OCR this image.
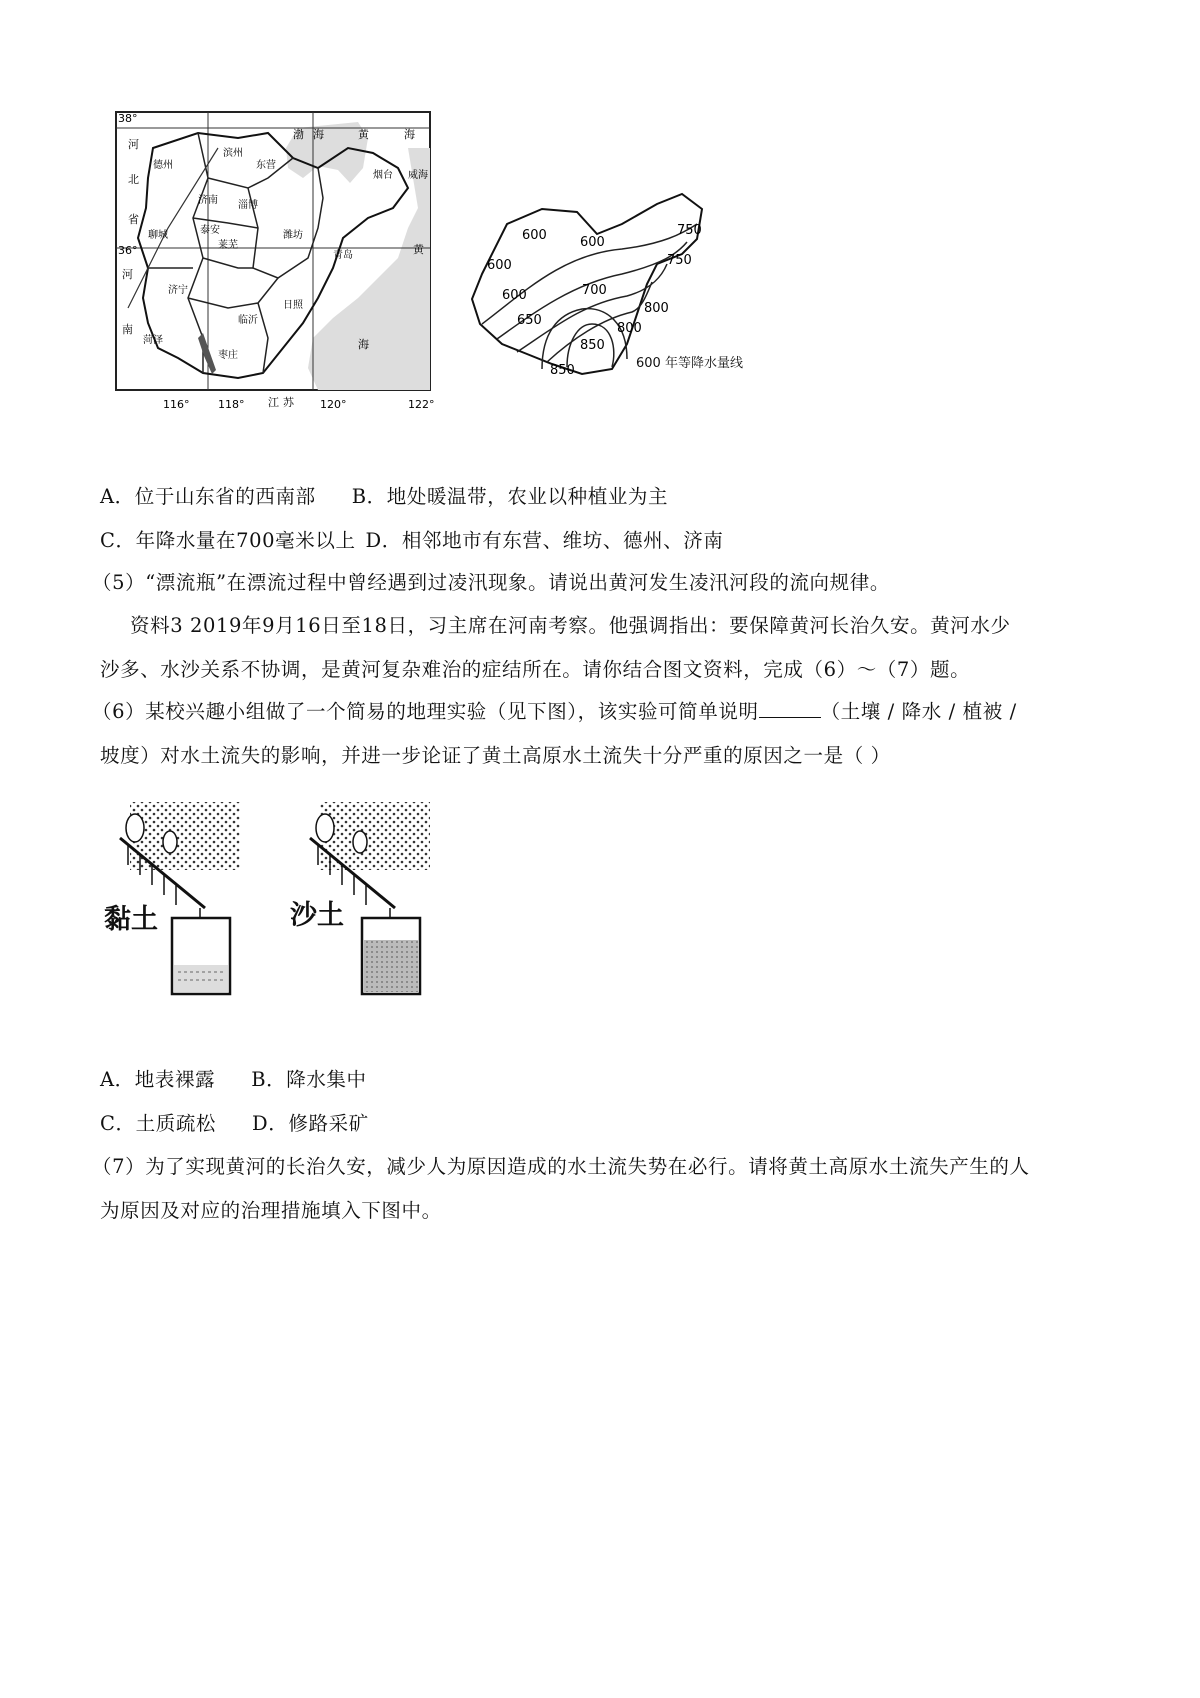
38°
36°
116°	118°	120°	122°
河
北
省
河
南
江 苏
渤 海	黄	海
黄
海
德州	东营
滨州
烟台 威海
聊城
济南 淄博
莱芜
泰安	潍坊
青岛
济宁
临沂
日照
菏泽
枣庄
600	600
600
600
650
700
750
750
800
850
850
800
600 年等降水量线
A．位于山东省的西南部 B．地处暖温带，农业以种植业为主
C．年降水量在700毫米以上 D．相邻地市有东营、维坊、德州、济南
（5）“漂流瓶”在漂流过程中曾经遇到过凌汛现象。请说出黄河发生凌汛河段的流向规律。
资料3 2019年9月16日至18日，习主席在河南考察。他强调指出：要保障黄河长治久安。黄河水少
沙多、水沙关系不协调，是黄河复杂难治的症结所在。请你结合图文资料，完成（6）～（7）题。
（6）某校兴趣小组做了一个简易的地理实验（见下图），该实验可简单说明	（土壤 / 降水 / 植被 /
坡度）对水土流失的影响，并进一步论证了黄土高原水土流失十分严重的原因之一是（ ）
黏土	沙土
A．地表裸露 B．降水集中
C．土质疏松 D．修路采矿
（7）为了实现黄河的长治久安，减少人为原因造成的水土流失势在必行。请将黄土高原水土流失产生的人
为原因及对应的治理措施填入下图中。
